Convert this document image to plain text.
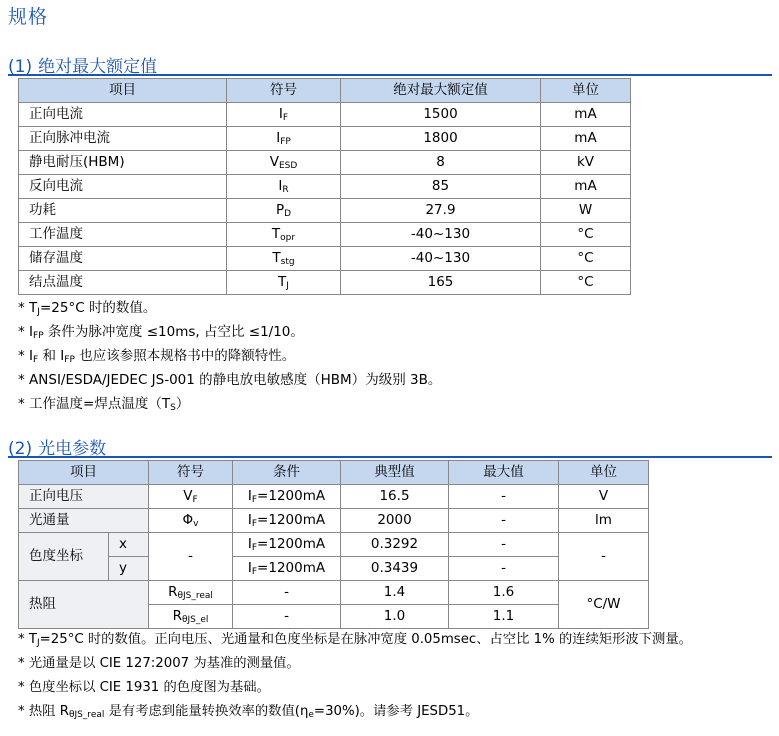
规格
(1) 绝对最大额定值
项目	符号	绝对最大额定值	单位
正向电流	$I_F$	1500	mA
正向脉冲电流	$I_{FP}$	1800	mA
静电耐压(HBM)	$V_{ESD}$	8	kV
反向电流	$I_R$	85	mA
功耗	$P_D$	27.9	W
工作温度	$T_{opr}$	-40~130	°C
储存温度	$T_{stg}$	-40~130	°C
结点温度	$T_J$	165	°C
* $T_J=25^\circ C$ 时的数值。
* $I_{FP}$ 条件为脉冲宽度 ≤10ms, 占空比 ≤1/10。
* $I_F$ 和 $I_{FP}$ 也应该参照本规格书中的降额特性。
* ANSI/ESDA/JEDEC JS-001 的静电放电敏感度（HBM）为级别 3B。
* 工作温度=焊点温度$(T_S)$
(2) 光电参数
项目		符号	条件	典型值	最大值	单位
正向电压		$V_F$	$I_F=1200mA$	16.5	-	V
光通量		$\Phi_v$	$I_F=1200mA$	2000	-	lm
色度坐标	x	-	$I_F=1200mA$	0.3292	-	-
	y		$I_F=1200mA$	0.3439	-	
热阻		$R_{\theta JS\_real}$	-	1.4	1.6	°C/W
		$R_{\theta JS\_el}$	-	1.0	1.1	
* $T_J=25^\circ C$ 时的数值。正向电压、光通量和色度坐标是在脉冲宽度 0.05msec、占空比 1% 的连续矩形波下测量。
* 光通量是以 CIE 127:2007 为基准的测量值。
* 色度坐标以 CIE 1931 的色度图为基础。
* 热阻 $R_{\theta JS\_real}$ 是有考虑到能量转换效率的数值$(\eta_e=30\%)$。请参考 JESD51。
